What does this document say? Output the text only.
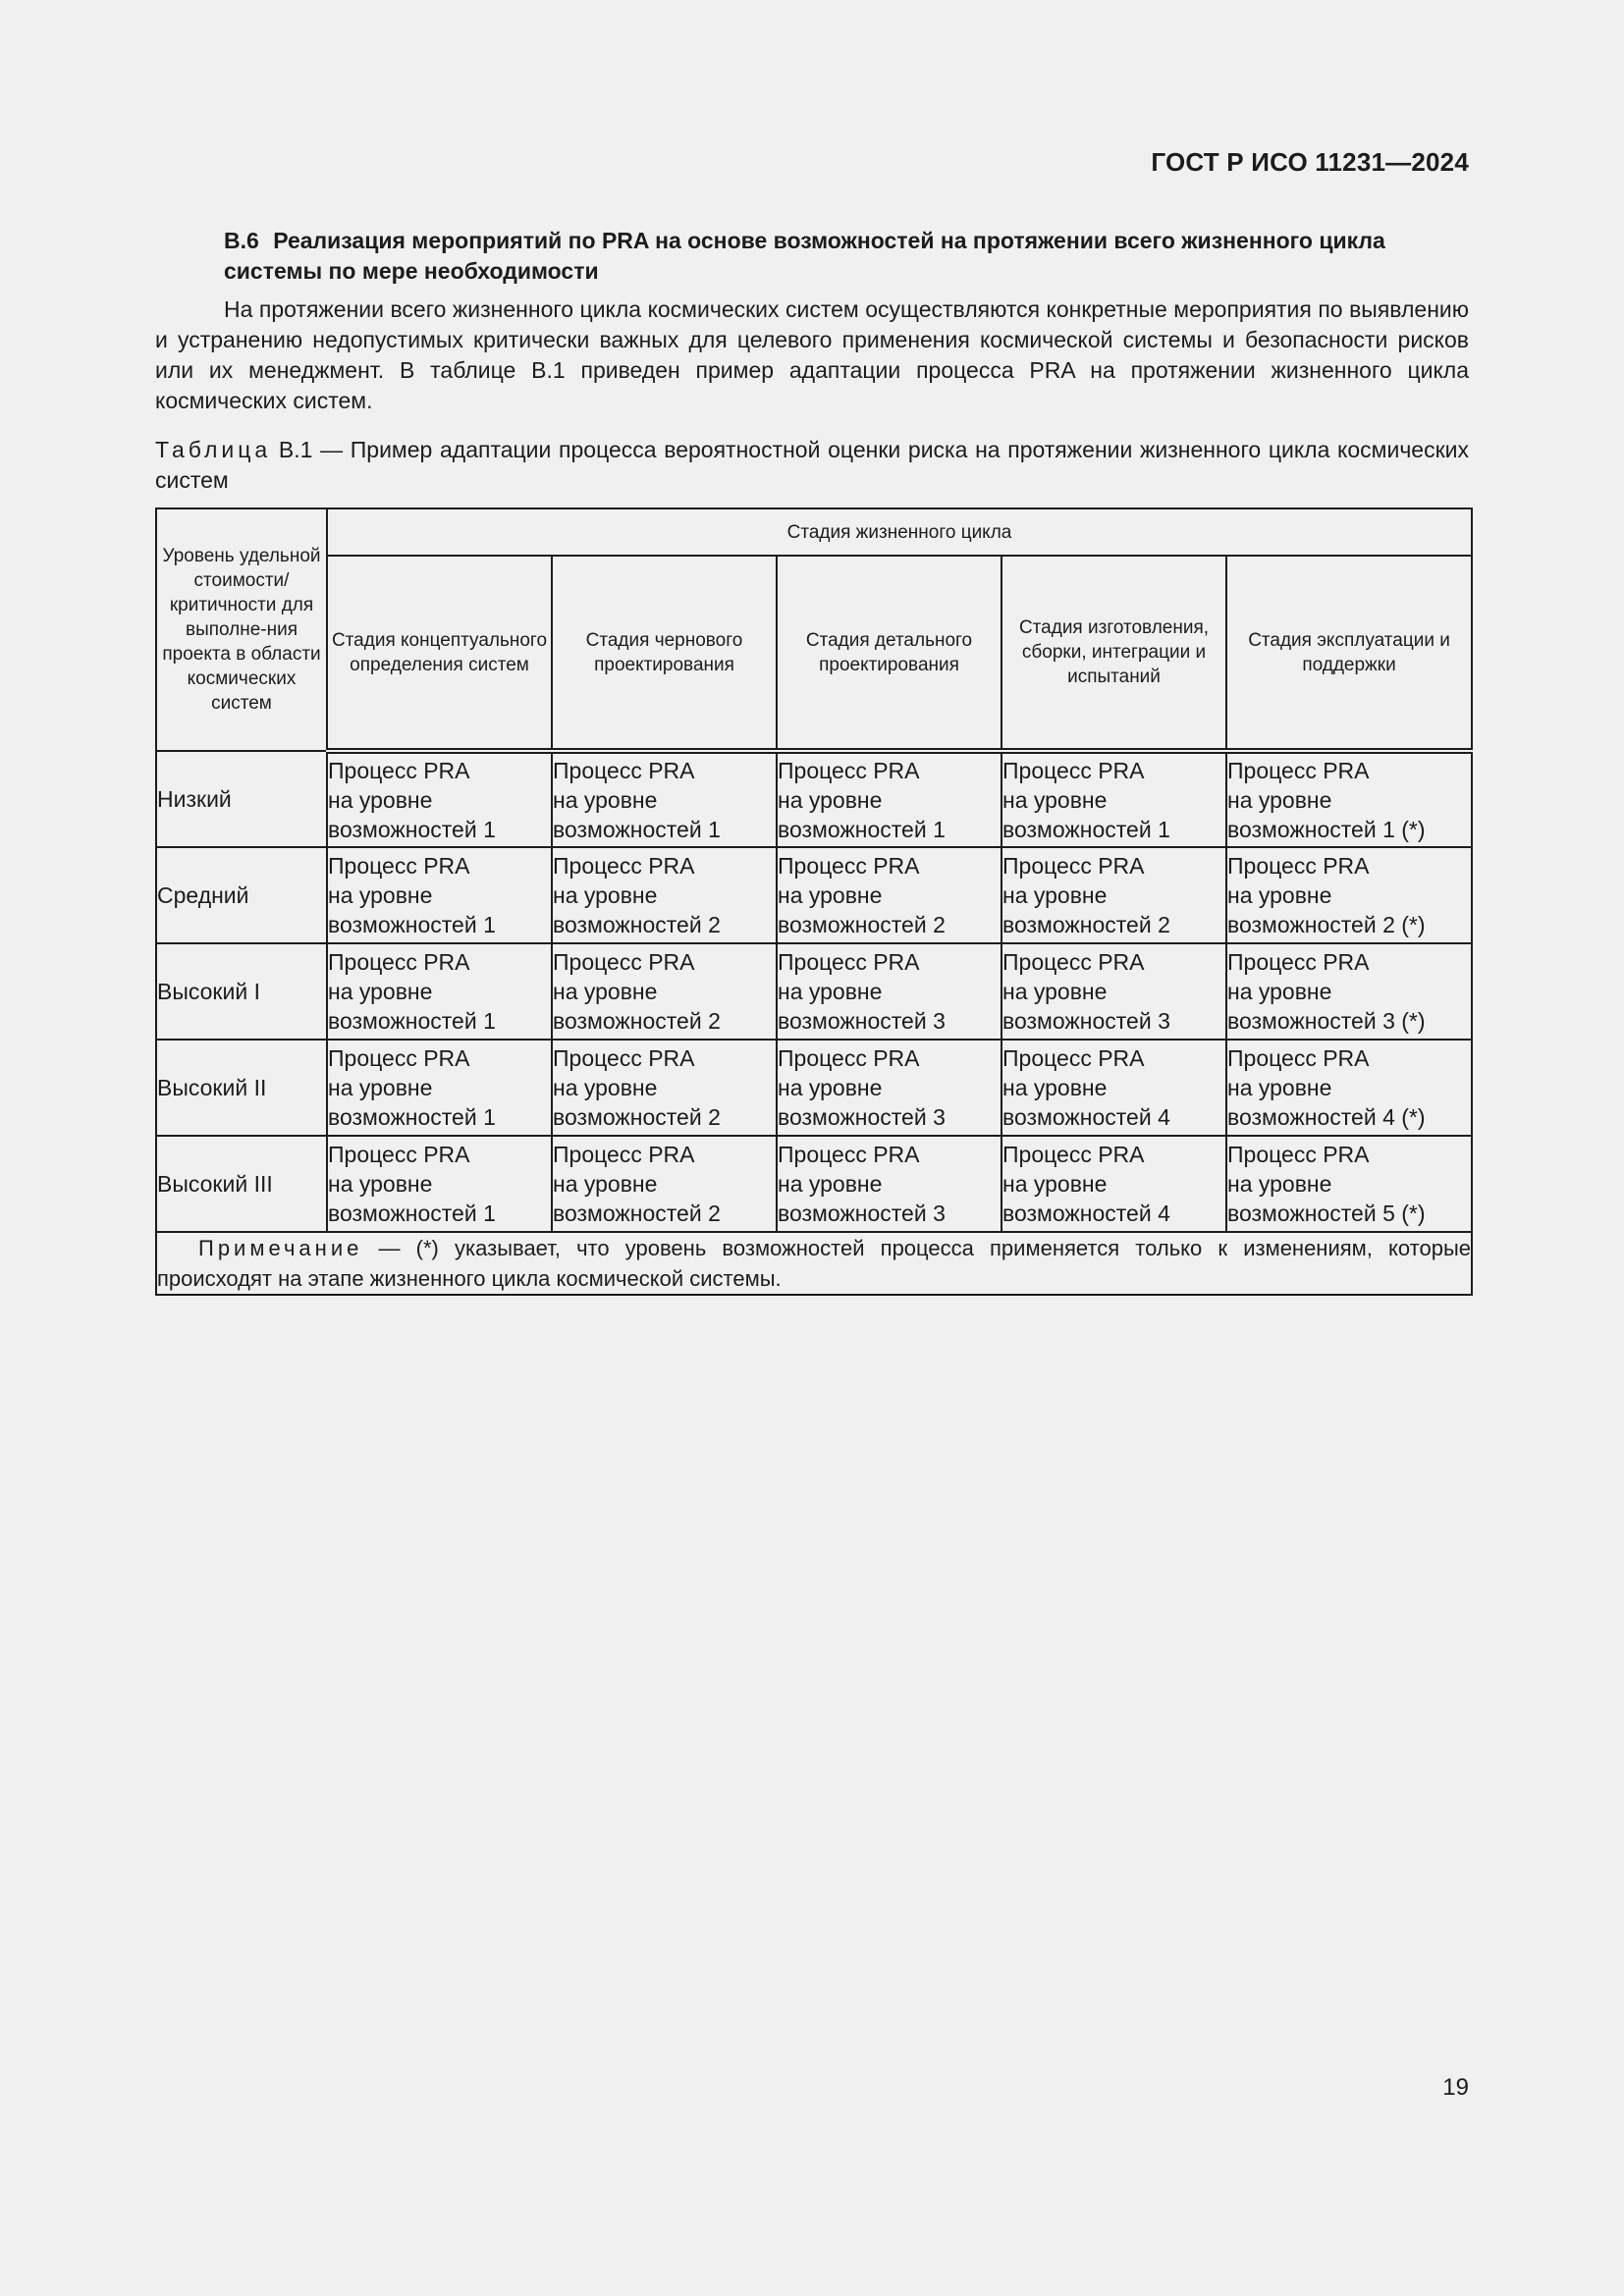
ГОСТ Р ИСО 11231—2024
В.6 Реализация мероприятий по PRA на основе возможностей на протяжении всего жизненного цикла системы по мере необходимости
На протяжении всего жизненного цикла космических систем осуществляются конкретные мероприятия по выявлению и устранению недопустимых критически важных для целевого применения космической системы и безопасности рисков или их менеджмент. В таблице В.1 приведен пример адаптации процесса PRA на протяжении жизненного цикла космических систем.
Таблица В.1 — Пример адаптации процесса вероятностной оценки риска на протяжении жизненного цикла космических систем
Уровень удельной стоимости/ критичности для выполне-ния проекта в области космических систем	Стадия жизненного цикла				
	Стадия концептуального определения систем	Стадия чернового проектирования	Стадия детального проектирования	Стадия изготовления, сборки, интеграции и испытаний	Стадия эксплуатации и поддержки
Низкий	Процесс PRA
на уровне
возможностей 1	Процесс PRA
на уровне
возможностей 1	Процесс PRA
на уровне
возможностей 1	Процесс PRA
на уровне
возможностей 1	Процесс PRA
на уровне
возможностей 1 (*)

Средний	Процесс PRA
на уровне
возможностей 1	Процесс PRA
на уровне
возможностей 2	Процесс PRA
на уровне
возможностей 2	Процесс PRA
на уровне
возможностей 2	Процесс PRA
на уровне
возможностей 2 (*)

Высокий I	Процесс PRA
на уровне
возможностей 1	Процесс PRA
на уровне
возможностей 2	Процесс PRA
на уровне
возможностей 3	Процесс PRA
на уровне
возможностей 3	Процесс PRA
на уровне
возможностей 3 (*)

Высокий II	Процесс PRA
на уровне
возможностей 1	Процесс PRA
на уровне
возможностей 2	Процесс PRA
на уровне
возможностей 3	Процесс PRA
на уровне
возможностей 4	Процесс PRA
на уровне
возможностей 4 (*)

Высокий III	Процесс PRA
на уровне
возможностей 1	Процесс PRA
на уровне
возможностей 2	Процесс PRA
на уровне
возможностей 3	Процесс PRA
на уровне
возможностей 4	Процесс PRA
на уровне
возможностей 5 (*)

Примечание — (*) указывает, что уровень возможностей процесса применяется только к изменениям, которые происходят на этапе жизненного цикла космической системы.					
19
